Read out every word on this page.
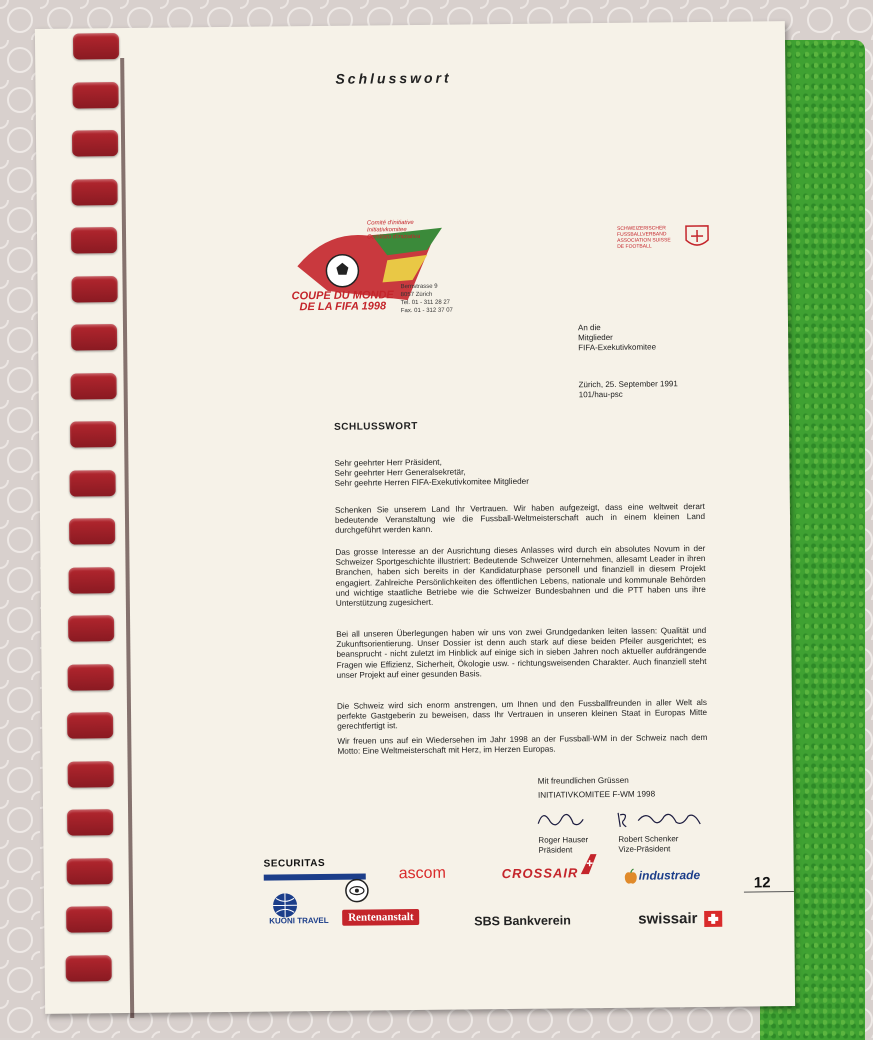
Schlusswort
Comité d'initiative
Initiativkomitee
Comitato d'iniziativa
COUPE DU MONDE
DE LA FIFA 1998
Bernstrasse 9
8057 Zürich
Tel. 01 - 311 28 27
Fax. 01 - 312 37 07
SCHWEIZERISCHER
FUSSBALLVERBAND
ASSOCIATION SUISSE
DE FOOTBALL
An die
Mitglieder
FIFA-Exekutivkomitee
Zürich, 25. September 1991
101/hau-psc
SCHLUSSWORT
Sehr geehrter Herr Präsident,
Sehr geehrter Herr Generalsekretär,
Sehr geehrte Herren FIFA-Exekutivkomitee Mitglieder
Schenken Sie unserem Land Ihr Vertrauen. Wir haben aufgezeigt, dass eine weltweit derart bedeutende Veranstaltung wie die Fussball-Weltmeisterschaft auch in einem kleinen Land durchgeführt werden kann.
Das grosse Interesse an der Ausrichtung dieses Anlasses wird durch ein absolutes Novum in der Schweizer Sportgeschichte illustriert: Bedeutende Schweizer Unternehmen, allesamt Leader in ihren Branchen, haben sich bereits in der Kandidaturphase personell und finanziell in diesem Projekt engagiert. Zahlreiche Persönlichkeiten des öffentlichen Lebens, nationale und kommunale Behörden und wichtige staatliche Betriebe wie die Schweizer Bundesbahnen und die PTT haben uns ihre Unterstützung zugesichert.
Bei all unseren Überlegungen haben wir uns von zwei Grundgedanken leiten lassen: Qualität und Zukunftsorientierung. Unser Dossier ist denn auch stark auf diese beiden Pfeiler ausgerichtet; es beansprucht - nicht zuletzt im Hinblick auf einige sich in sieben Jahren noch aktueller aufdrängende Fragen wie Effizienz, Sicherheit, Ökologie usw. - richtungsweisenden Charakter. Auch finanziell steht unser Projekt auf einer gesunden Basis.
Die Schweiz wird sich enorm anstrengen, um Ihnen und den Fussballfreunden in aller Welt als perfekte Gastgeberin zu beweisen, dass Ihr Vertrauen in unseren kleinen Staat in Europas Mitte gerechtfertigt ist.
Wir freuen uns auf ein Wiedersehen im Jahr 1998 an der Fussball-WM in der Schweiz nach dem Motto: Eine Weltmeisterschaft mit Herz, im Herzen Europas.
Mit freundlichen Grüssen
INITIATIVKOMITEE F-WM 1998
Roger Hauser
Präsident
Robert Schenker
Vize-Präsident
12
SECURITAS
ascom	CROSSAIR	industrade
KUONI TRAVEL	Rentenanstalt	SBS Bankverein	swissair
